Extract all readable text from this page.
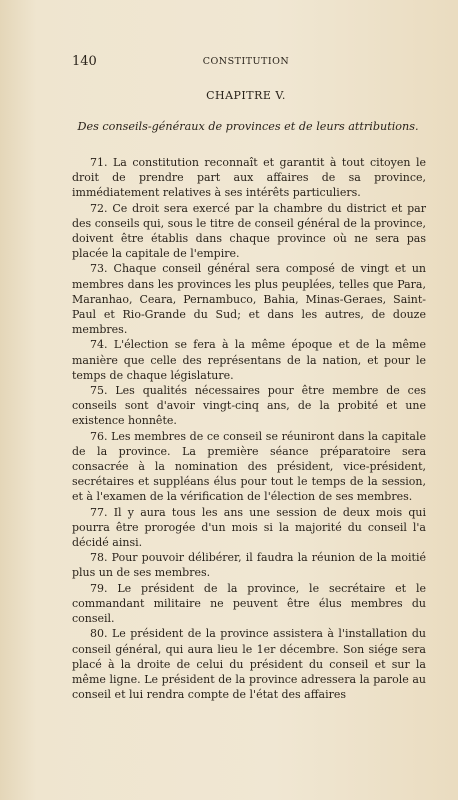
140	CONSTITUTION
CHAPITRE V.
Des conseils-généraux de provinces et de leurs attributions.

71. La constitution reconnaît et garantit à tout citoyen le droit de prendre part aux affaires de sa province, immédiatement relatives à ses intérêts particuliers.

72. Ce droit sera exercé par la chambre du district et par des conseils qui, sous le titre de conseil général de la province, doivent être établis dans chaque province où ne sera pas placée la capitale de l'empire.

73. Chaque conseil général sera composé de vingt et un membres dans les provinces les plus peuplées, telles que Para, Maranhao, Ceara, Pernambuco, Bahia, Minas-Geraes, Saint-Paul et Rio-Grande du Sud; et dans les autres, de douze membres.

74. L'élection se fera à la même époque et de la même manière que celle des représentans de la nation, et pour le temps de chaque législature.

75. Les qualités nécessaires pour être membre de ces conseils sont d'avoir vingt-cinq ans, de la probité et une existence honnête.

76. Les membres de ce conseil se réuniront dans la capitale de la province. La première séance préparatoire sera consacrée à la nomination des président, vice-président, secrétaires et suppléans élus pour tout le temps de la session, et à l'examen de la vérification de l'élection de ses membres.

77. Il y aura tous les ans une session de deux mois qui pourra être prorogée d'un mois si la majorité du conseil l'a décidé ainsi.

78. Pour pouvoir délibérer, il faudra la réunion de la moitié plus un de ses membres.

79. Le président de la province, le secrétaire et le commandant militaire ne peuvent être élus membres du conseil.

80. Le président de la province assistera à l'installation du conseil général, qui aura lieu le 1er décembre. Son siége sera placé à la droite de celui du président du conseil et sur la même ligne. Le président de la province adressera la parole au conseil et lui rendra compte de l'état des affaires
